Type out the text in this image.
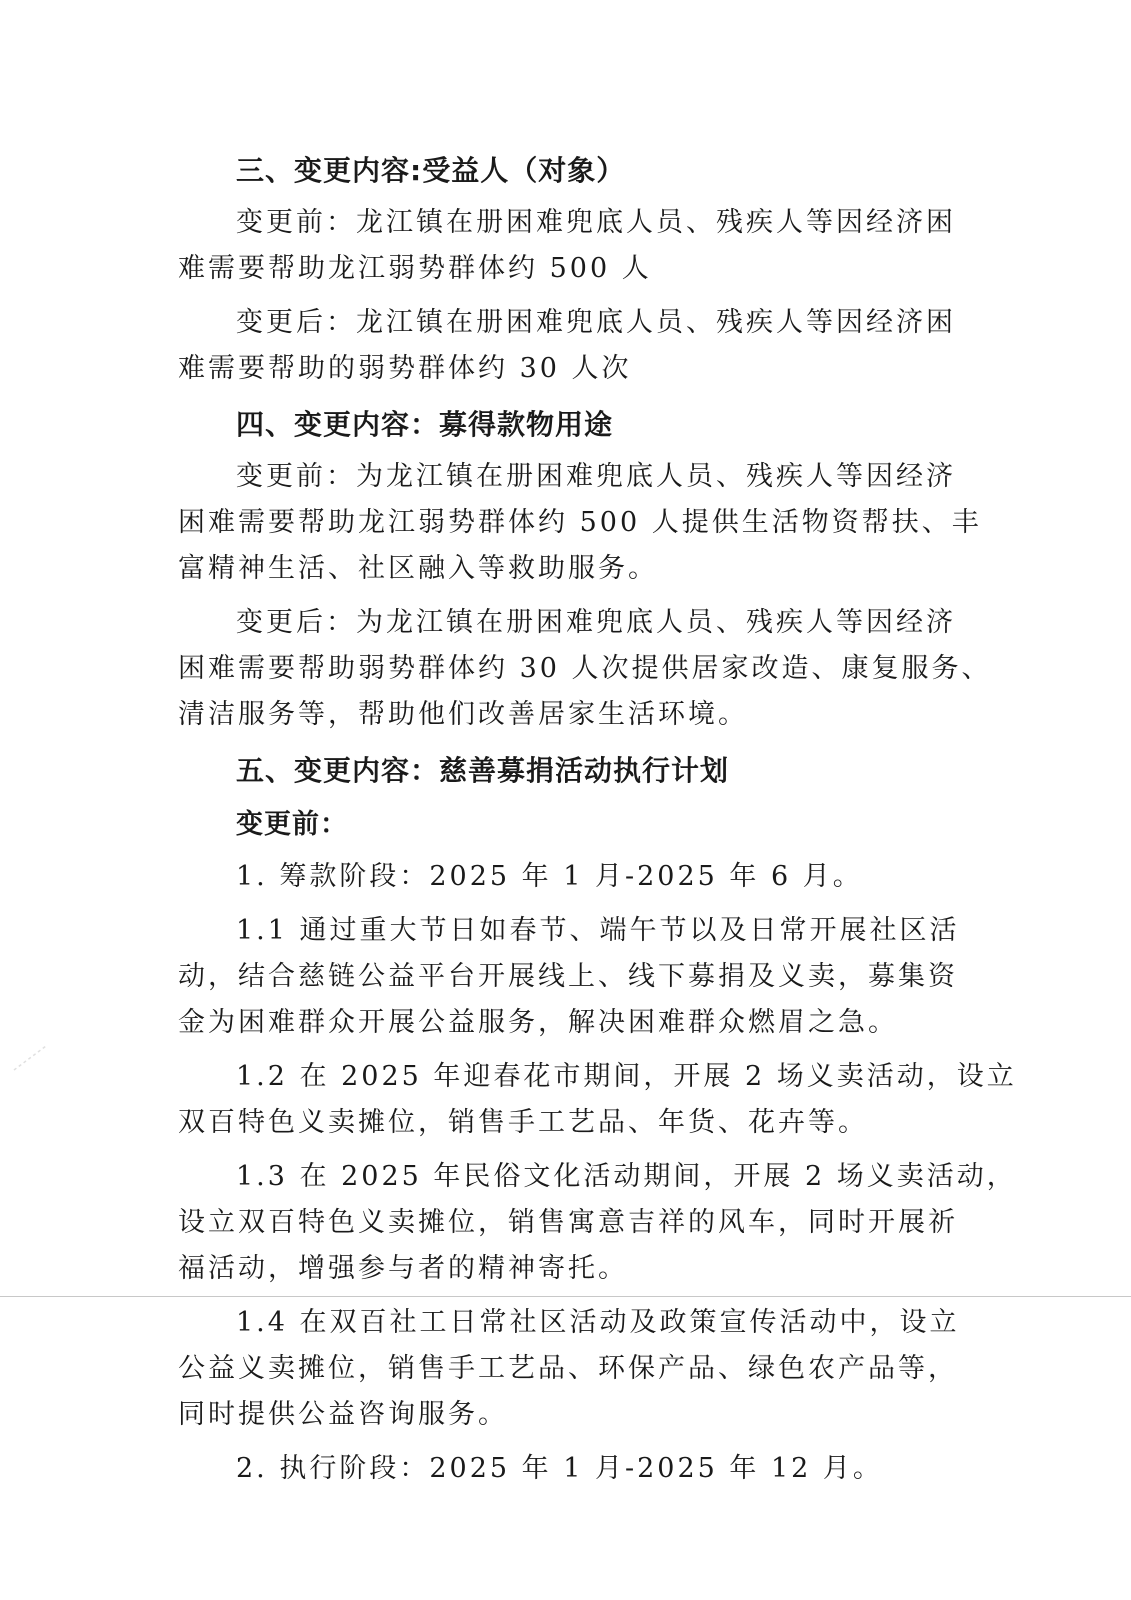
三、变更内容:受益人（对象）
变更前：龙江镇在册困难兜底人员、残疾人等因经济困
难需要帮助龙江弱势群体约 500 人
变更后：龙江镇在册困难兜底人员、残疾人等因经济困
难需要帮助的弱势群体约 30 人次
四、变更内容：募得款物用途
变更前：为龙江镇在册困难兜底人员、残疾人等因经济
困难需要帮助龙江弱势群体约 500 人提供生活物资帮扶、丰
富精神生活、社区融入等救助服务。
变更后：为龙江镇在册困难兜底人员、残疾人等因经济
困难需要帮助弱势群体约 30 人次提供居家改造、康复服务、
清洁服务等，帮助他们改善居家生活环境。
五、变更内容：慈善募捐活动执行计划
变更前：
1. 筹款阶段：2025 年 1 月-2025 年 6 月。
1.1 通过重大节日如春节、端午节以及日常开展社区活
动，结合慈链公益平台开展线上、线下募捐及义卖，募集资
金为困难群众开展公益服务，解决困难群众燃眉之急。
1.2 在 2025 年迎春花市期间，开展 2 场义卖活动，设立
双百特色义卖摊位，销售手工艺品、年货、花卉等。
1.3 在 2025 年民俗文化活动期间，开展 2 场义卖活动，
设立双百特色义卖摊位，销售寓意吉祥的风车，同时开展祈
福活动，增强参与者的精神寄托。
1.4 在双百社工日常社区活动及政策宣传活动中，设立
公益义卖摊位，销售手工艺品、环保产品、绿色农产品等，
同时提供公益咨询服务。
2. 执行阶段：2025 年 1 月-2025 年 12 月。
